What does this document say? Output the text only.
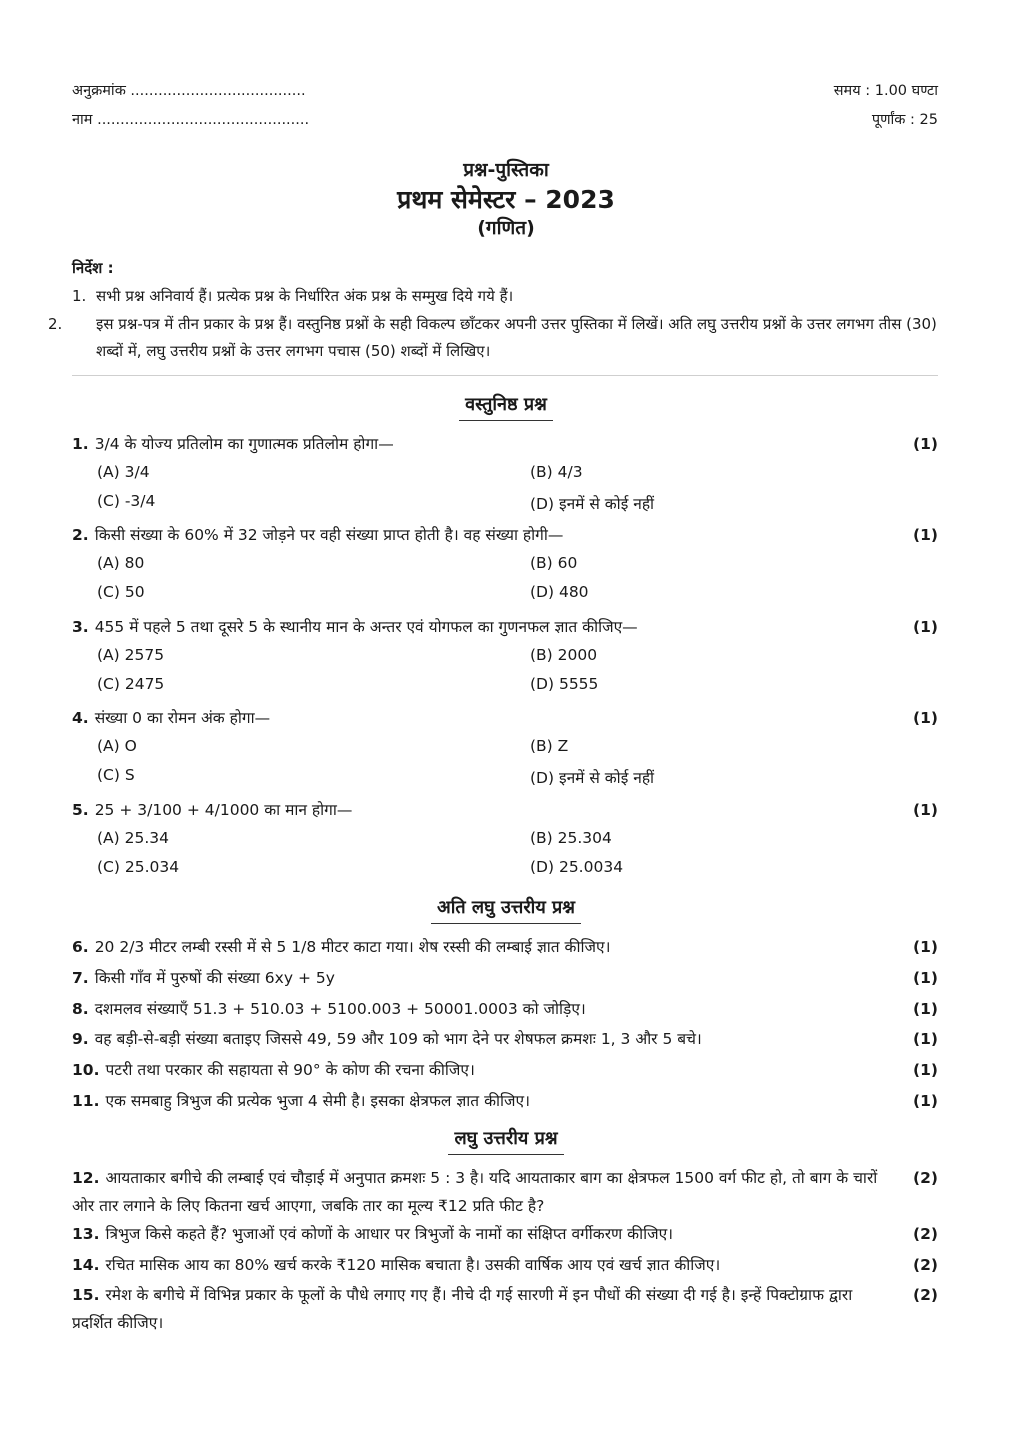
अनुक्रमांक ......................................	समय : 1.00 घण्टा
नाम ..............................................	पूर्णांक : 25
प्रश्न-पुस्तिका
प्रथम सेमेस्टर – 2023
(गणित)
निर्देश :
1. सभी प्रश्न अनिवार्य हैं। प्रत्येक प्रश्न के निर्धारित अंक प्रश्न के सम्मुख दिये गये हैं।
2. इस प्रश्न-पत्र में तीन प्रकार के प्रश्न हैं। वस्तुनिष्ठ प्रश्नों के सही विकल्प छाँटकर अपनी उत्तर पुस्तिका में लिखें। अति लघु उत्तरीय प्रश्नों के उत्तर लगभग तीस (30) शब्दों में, लघु उत्तरीय प्रश्नों के उत्तर लगभग पचास (50) शब्दों में लिखिए।
वस्तुनिष्ठ प्रश्न
1. 3/4 के योज्य प्रतिलोम का गुणात्मक प्रतिलोम होगा—	(1)
(A) 3/4	(B) 4/3
(C) -3/4	(D) इनमें से कोई नहीं
2. किसी संख्या के 60% में 32 जोड़ने पर वही संख्या प्राप्त होती है। वह संख्या होगी—	(1)
(A) 80	(B) 60
(C) 50	(D) 480
3. 455 में पहले 5 तथा दूसरे 5 के स्थानीय मान के अन्तर एवं योगफल का गुणनफल ज्ञात कीजिए—	(1)
(A) 2575	(B) 2000
(C) 2475	(D) 5555
4. संख्या 0 का रोमन अंक होगा—	(1)
(A) O	(B) Z
(C) S	(D) इनमें से कोई नहीं
5. 25 + 3/100 + 4/1000 का मान होगा—	(1)
(A) 25.34	(B) 25.304
(C) 25.034	(D) 25.0034
अति लघु उत्तरीय प्रश्न
6. 20 2/3 मीटर लम्बी रस्सी में से 5 1/8 मीटर काटा गया। शेष रस्सी की लम्बाई ज्ञात कीजिए।	(1)
7. किसी गाँव में पुरुषों की संख्या 6xy + 5y	(1)
8. दशमलव संख्याएँ 51.3 + 510.03 + 5100.003 + 50001.0003 को जोड़िए।	(1)
9. वह बड़ी-से-बड़ी संख्या बताइए जिससे 49, 59 और 109 को भाग देने पर शेषफल क्रमशः 1, 3 और 5 बचे।	(1)
10. पटरी तथा परकार की सहायता से 90° के कोण की रचना कीजिए।	(1)
11. एक समबाहु त्रिभुज की प्रत्येक भुजा 4 सेमी है। इसका क्षेत्रफल ज्ञात कीजिए।	(1)
लघु उत्तरीय प्रश्न
12. आयताकार बगीचे की लम्बाई एवं चौड़ाई में अनुपात क्रमशः 5 : 3 है। यदि आयताकार बाग का क्षेत्रफल 1500 वर्ग फीट हो, तो बाग के चारों ओर तार लगाने के लिए कितना खर्च आएगा, जबकि तार का मूल्य ₹12 प्रति फीट है?
(2)
13. त्रिभुज किसे कहते हैं? भुजाओं एवं कोणों के आधार पर त्रिभुजों के नामों का संक्षिप्त वर्गीकरण कीजिए।	(2)
14. रचित मासिक आय का 80% खर्च करके ₹120 मासिक बचाता है। उसकी वार्षिक आय एवं खर्च ज्ञात कीजिए।	(2)
15. रमेश के बगीचे में विभिन्न प्रकार के फूलों के पौधे लगाए गए हैं। नीचे दी गई सारणी में इन पौधों की संख्या दी गई है। इन्हें पिक्टोग्राफ द्वारा प्रदर्शित कीजिए।
(2)
